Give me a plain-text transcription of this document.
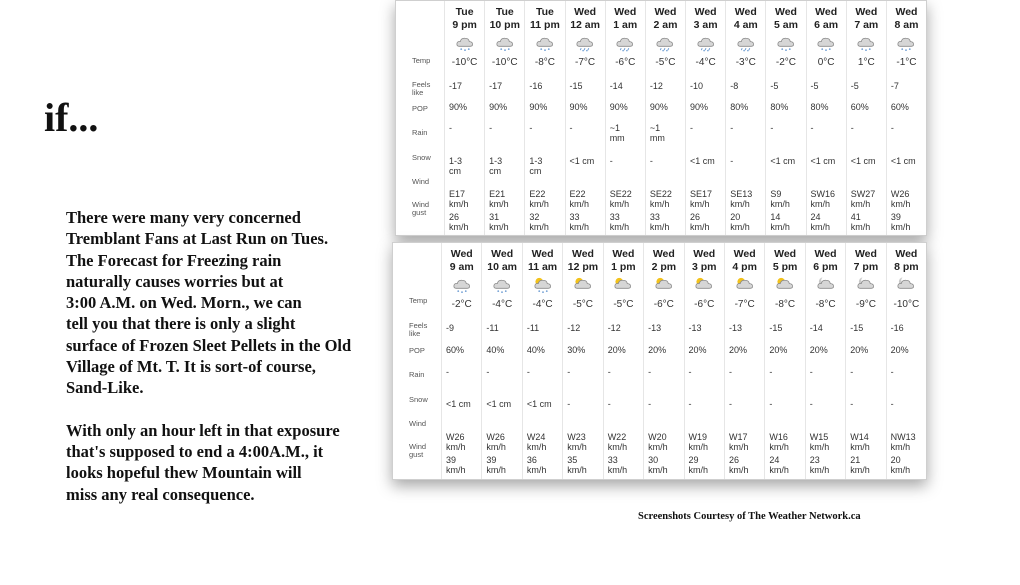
if...

There were many very concerned
Tremblant Fans at Last Run on Tues.
The Forecast for Freezing rain
naturally causes worries but at
3:00 A.M. on Wed. Morn., we can
tell you that there is only a slight
surface of Frozen Sleet Pellets in the Old
Village of Mt. T. It is sort-of course,
Sand-Like.

With only an hour left in that exposure
that's supposed to end a 4:00A.M., it
looks hopeful thew Mountain will
miss any real consequence.

Temp
Feels
like
POP
Rain
Snow
Wind
Wind
gust
Tue
9 pm
-10°C
-17
90%
-
1-3
cm
E17
km/h
26
km/h
Tue
10 pm
-10°C
-17
90%
-
1-3
cm
E21
km/h
31
km/h
Tue
11 pm
-8°C
-16
90%
-
1-3
cm
E22
km/h
32
km/h
Wed
12 am
-7°C
-15
90%
-
<1 cm
E22
km/h
33
km/h
Wed
1 am
-6°C
-14
90%
~1
mm
-
SE22
km/h
33
km/h
Wed
2 am
-5°C
-12
90%
~1
mm
-
SE22
km/h
33
km/h
Wed
3 am
-4°C
-10
90%
-
<1 cm
SE17
km/h
26
km/h
Wed
4 am
-3°C
-8
80%
-
-
SE13
km/h
20
km/h
Wed
5 am
-2°C
-5
80%
-
<1 cm
S9
km/h
14
km/h
Wed
6 am
0°C
-5
80%
-
<1 cm
SW16
km/h
24
km/h
Wed
7 am
1°C
-5
60%
-
<1 cm
SW27
km/h
41
km/h
Wed
8 am
-1°C
-7
60%
-
<1 cm
W26
km/h
39
km/h
Temp
Feels
like
POP
Rain
Snow
Wind
Wind
gust
Wed
9 am
-2°C
-9
60%
-
<1 cm
W26
km/h
39
km/h
Wed
10 am
-4°C
-11
40%
-
<1 cm
W26
km/h
39
km/h
Wed
11 am
-4°C
-11
40%
-
<1 cm
W24
km/h
36
km/h
Wed
12 pm
-5°C
-12
30%
-
-
W23
km/h
35
km/h
Wed
1 pm
-5°C
-12
20%
-
-
W22
km/h
33
km/h
Wed
2 pm
-6°C
-13
20%
-
-
W20
km/h
30
km/h
Wed
3 pm
-6°C
-13
20%
-
-
W19
km/h
29
km/h
Wed
4 pm
-7°C
-13
20%
-
-
W17
km/h
26
km/h
Wed
5 pm
-8°C
-15
20%
-
-
W16
km/h
24
km/h
Wed
6 pm
-8°C
-14
20%
-
-
W15
km/h
23
km/h
Wed
7 pm
-9°C
-15
20%
-
-
W14
km/h
21
km/h
Wed
8 pm
-10°C
-16
20%
-
-
NW13
km/h
20
km/h
Screenshots Courtesy of The Weather Network.ca
